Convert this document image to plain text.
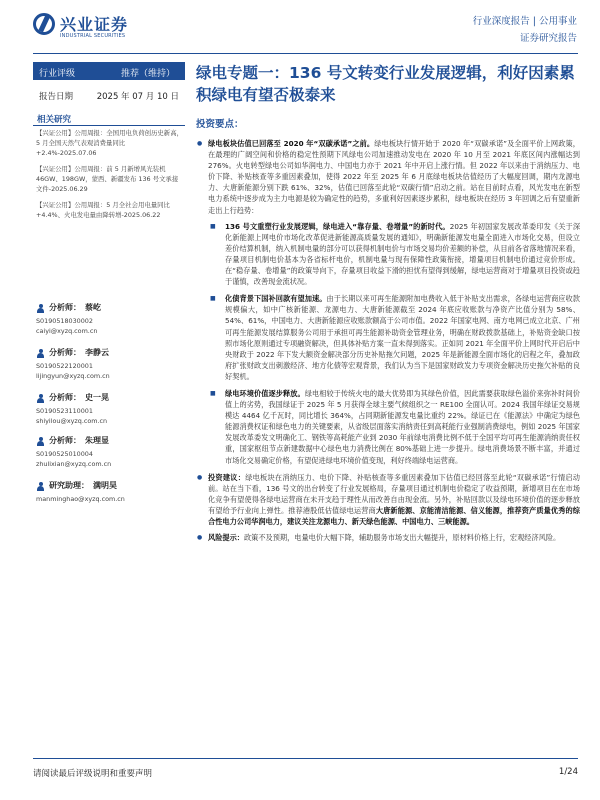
兴业证券
INDUSTRIAL SECURITIES
行业深度报告 | 公用事业
证券研究报告
行业评级	推荐（维持）
报告日期	2025 年 07 月 10 日
相关研究

【兴证公用】公用周报：全国用电负荷创历史新高，5 月全国天然气表观消费量同比+2.4%-2025.07.06

【兴证公用】公用周报：前 5 月新增风光装机 46GW、198GW，蒙西、新疆发布 136 号文承接文件-2025.06.29

【兴证公用】公用周报：5 月全社会用电量同比+4.4%、火电发电量由降转增-2025.06.22

分析师： 蔡屹
S0190518030002
caiyi@xyzq.com.cn
分析师： 李静云
S0190522120001
lijingyun@xyzq.com.cn
分析师： 史一晃
S0190523110001
shiyilou@xyzq.com.cn
分析师： 朱理显
S0190525010004
zhulixian@xyzq.com.cn
研究助理： 满明昊
manminghao@xyzq.com.cn
绿电专题一：136 号文转变行业发展逻辑，利好因素累积绿电有望否极泰来
投资要点：
● 绿电板块估值已回落至 2020 年“双碳承诺”之前。绿电板块行情开始于 2020 年“双碳承诺”及全面平价上网政策，在最理的广阔空间和价格的稳定性预期下风绿电公司加速推动发电在 2020 年 10 月至 2021 年底区间内涨幅达到 276%。火电转型绿电公司如华润电力、中国电力亦于 2021 年中开启上涨行情。但 2022 年以来由于消纳压力、电价下降、补贴核查等多重因素叠加，使得 2022 年至 2025 年 6 月底绿电板块估值经历了大幅度回调，期内龙源电力、大唐新能源分别下跌 61%、32%，估值已回落至此轮“双碳行情”启动之前。站在目前时点看，风光发电在新型电力系统中逐步成为主力电源是较为确定性的趋势，多重利好因素逐步累积，绿电板块在经历 3 年回调之后有望重新走出上行趋势：
■ 136 号文重塑行业发展逻辑，绿电进入“靠存量、卷增量”的新时代。2025 年初国家发展改革委印发《关于深化新能源上网电价市场化改革促进新能源高质量发展的通知》，明确新能源发电量全面进入市场化交易，但设立差价结算机制，纳入机制电量的部分可以获得机制电价与市场交易均价差额的补偿，从目前各省落地情况来看，存量项目机制电价基本为各省标杆电价，机制电量与现有保障性政策衔接，增量项目机制电价通过竞价形成。在“稳存量、卷增量”的政策导向下，存量项目收益下滑的担忧有望得到缓解，绿电运营商对于增量项目投资或趋于谨慎，改善现金流状况。
■ 化债背景下国补回款有望加速。由于长期以来可再生能源附加电费收入低于补贴支出需求，各绿电运营商应收款规模偏大，如中广核新能源、龙源电力、大唐新能源截至 2024 年底应收账款与净资产比值分别为 58%、54%、61%，中国电力、大唐新能源应收账款额高于公司市值。2022 年国家电网、南方电网已成立北京、广州可再生能源发展结算服务公司用于承担可再生能源补助资金管理业务，明确在财政拨款基础上，补贴资金缺口按照市场化原则通过专项融资解决，但具体补贴方案一直未得到落实。正如同 2021 年全面平价上网时代开启后中央财政于 2022 年下发大额资金解决部分历史补贴拖欠问题，2025 年是新能源全面市场化的启程之年，叠加政府扩张财政支出刺激经济、地方化债等宏观背景，我们认为当下是国家财政发力专项资金解决历史拖欠补贴的良好契机。
■ 绿电环境价值逐步释放。绿电相较于传统火电的最大优势即为其绿色价值，因此需要获取绿色溢价来弥补时间价值上的劣势，我国绿证于 2025 年 5 月获得全球主要气候组织之一 RE100 全面认可。2024 我国年绿证交易规模达 4464 亿千瓦时，同比增长 364%，占同期新能源发电量比重约 22%。绿证已在《能源法》中确定为绿色能源消费权证和绿色电力的关键要素，从省级层面落实消纳责任到高耗能行业强制消费绿电，例如 2025 年国家发展改革委发文明确化工、钢铁等高耗能产业到 2030 年前绿电消费比例不低于全国平均可再生能源消纳责任权重，国家枢纽节点新建数据中心绿色电力消费比例在 80%基础上进一步提升。绿电消费场景不断丰富，并通过市场化交易确定价格，有望促进绿电环境价值变现，利好终端绿电运营商。
● 投资建议：绿电板块在消纳压力、电价下降、补贴核查等多重因素叠加下估值已经回落至此轮“双碳承诺”行情启动前。站在当下看，136 号文的出台转变了行业发展格局，存量项目通过机制电价稳定了收益预期，新增项目在在市场化竞争有望使得各绿电运营商在未开支趋于理性从而改善自由现金流。另外，补贴回款以及绿电环境价值的逐步释放有望给予行业向上弹性。推荐港股低估值绿电运营商大唐新能源、京能清洁能源、信义能源，推荐资产质量优秀的综合性电力公司华润电力，建议关注龙源电力、新天绿色能源、中国电力、三峡能源。
● 风险提示：政策不及预期，电量电价大幅下降，辅助服务市场支出大幅提升，原材料价格上行，宏观经济风险。
请阅读最后评级说明和重要声明	1/24
